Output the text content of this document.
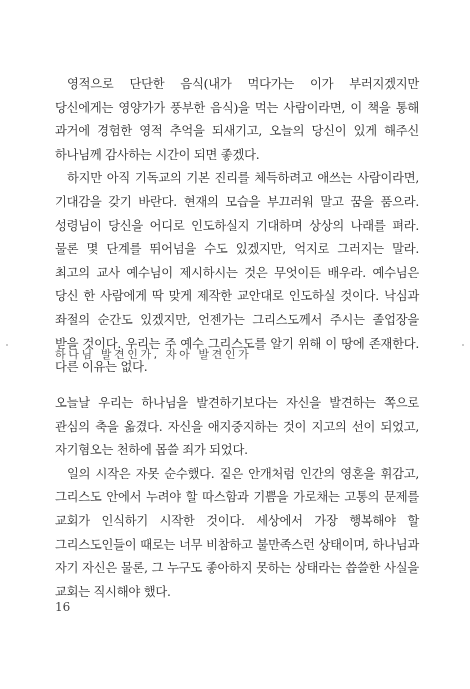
영적으로 단단한 음식(내가 먹다가는 이가 부러지겠지만 당신에게는 영양가가 풍부한 음식)을 먹는 사람이라면, 이 책을 통해 과거에 경험한 영적 추억을 되새기고, 오늘의 당신이 있게 해주신 하나님께 감사하는 시간이 되면 좋겠다.

하지만 아직 기독교의 기본 진리를 체득하려고 애쓰는 사람이라면, 기대감을 갖기 바란다. 현재의 모습을 부끄러워 말고 꿈을 품으라. 성령님이 당신을 어디로 인도하실지 기대하며 상상의 나래를 펴라. 물론 몇 단계를 뛰어넘을 수도 있겠지만, 억지로 그러지는 말라. 최고의 교사 예수님이 제시하시는 것은 무엇이든 배우라. 예수님은 당신 한 사람에게 딱 맞게 제작한 교안대로 인도하실 것이다. 낙심과 좌절의 순간도 있겠지만, 언젠가는 그리스도께서 주시는 졸업장을 받을 것이다. 우리는 주 예수 그리스도를 알기 위해 이 땅에 존재한다. 다른 이유는 없다.

하나님 발견인가, 자아 발견인가

오늘날 우리는 하나님을 발견하기보다는 자신을 발견하는 쪽으로 관심의 축을 옮겼다. 자신을 애지중지하는 것이 지고의 선이 되었고, 자기혐오는 천하에 몹쓸 죄가 되었다.

일의 시작은 자못 순수했다. 짙은 안개처럼 인간의 영혼을 휘감고, 그리스도 안에서 누려야 할 따스함과 기쁨을 가로채는 고통의 문제를 교회가 인식하기 시작한 것이다. 세상에서 가장 행복해야 할 그리스도인들이 때로는 너무 비참하고 불만족스런 상태이며, 하나님과 자기 자신은 물론, 그 누구도 좋아하지 못하는 상태라는 씁쓸한 사실을 교회는 직시해야 했다.

16
